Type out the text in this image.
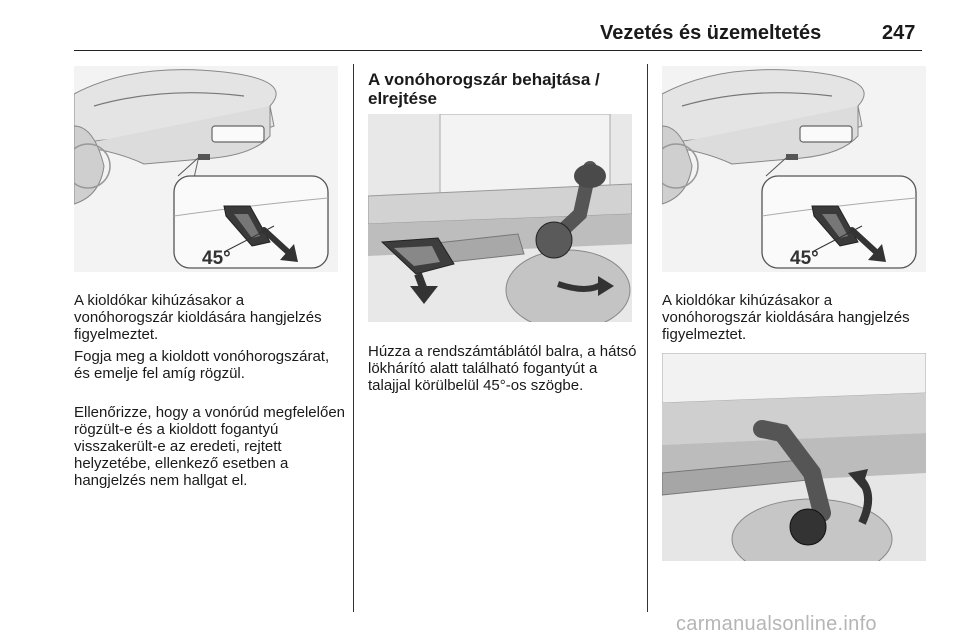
Vezetés és üzemeltetés	247
45°

A kioldókar kihúzásakor a vonóhorogszár kioldására hangjelzés figyelmeztet.

Fogja meg a kioldott vonóhorogszárat, és emelje fel amíg rögzül.

Ellenőrizze, hogy a vonórúd megfelelően rögzült-e és a kioldott fogantyú visszakerült-e az eredeti, rejtett helyzetébe, ellenkező esetben a hangjelzés nem hallgat el.

A vonóhorogszár behajtása / elrejtése

Húzza a rendszámtáblától balra, a hátsó lökhárító alatt található fogantyút a talajjal körülbelül 45°-os szögbe.

45°

A kioldókar kihúzásakor a vonóhorogszár kioldására hangjelzés figyelmeztet.

carmanualsonline.info
